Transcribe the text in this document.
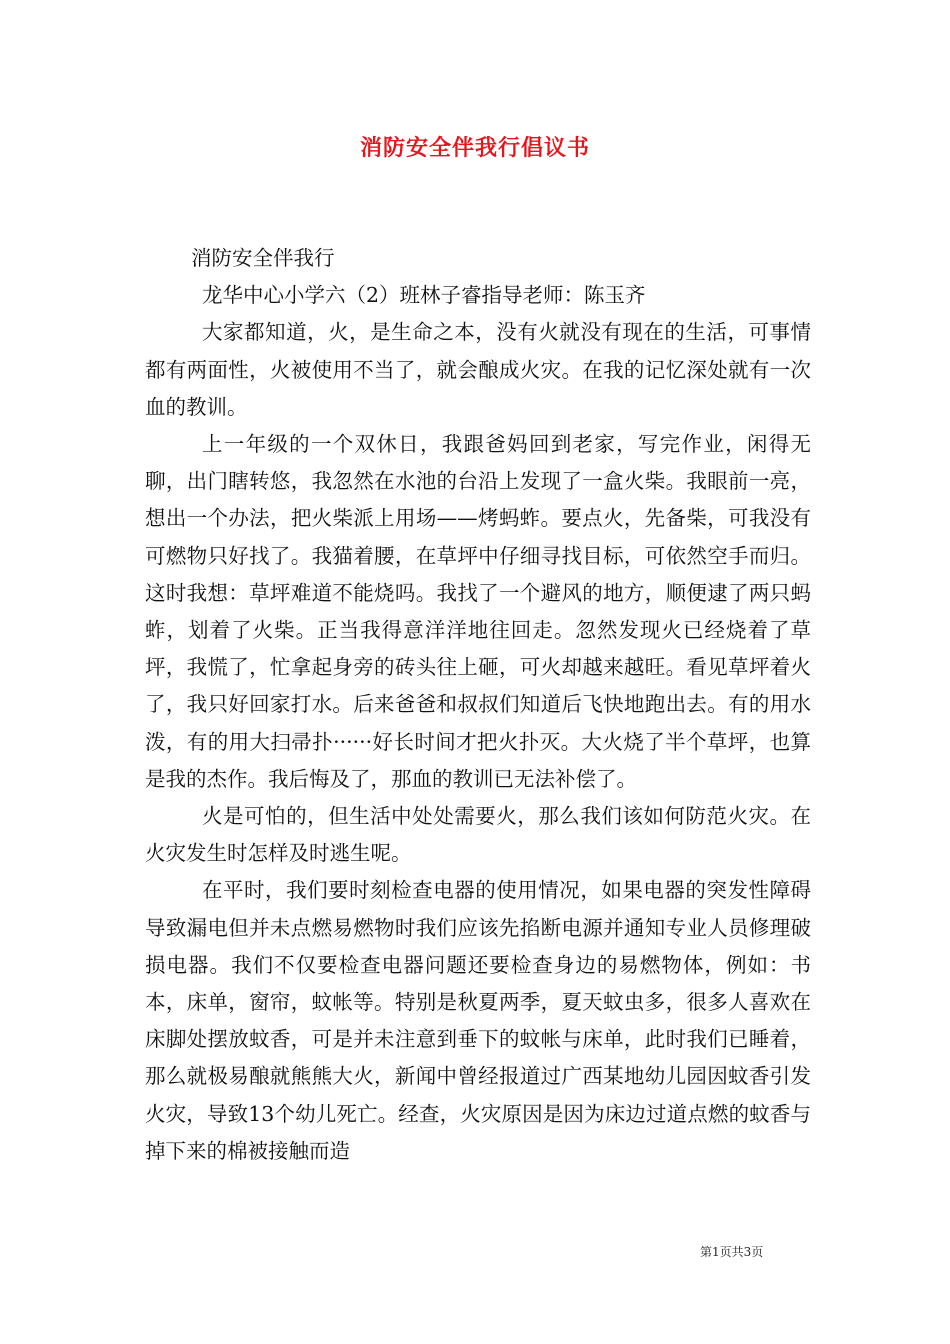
消防安全伴我行倡议书

消防安全伴我行

龙华中心小学六（2）班林子睿指导老师：陈玉齐

大家都知道，火，是生命之本，没有火就没有现在的生活，可事情都有两面性，火被使用不当了，就会酿成火灾。在我的记忆深处就有一次血的教训。

上一年级的一个双休日，我跟爸妈回到老家，写完作业，闲得无聊，出门瞎转悠，我忽然在水池的台沿上发现了一盒火柴。我眼前一亮，想出一个办法，把火柴派上用场——烤蚂蚱。要点火，先备柴，可我没有可燃物只好找了。我猫着腰，在草坪中仔细寻找目标，可依然空手而归。这时我想：草坪难道不能烧吗。我找了一个避风的地方，顺便逮了两只蚂蚱，划着了火柴。正当我得意洋洋地往回走。忽然发现火已经烧着了草坪，我慌了，忙拿起身旁的砖头往上砸，可火却越来越旺。看见草坪着火了，我只好回家打水。后来爸爸和叔叔们知道后飞快地跑出去。有的用水泼，有的用大扫帚扑······好长时间才把火扑灭。大火烧了半个草坪，也算是我的杰作。我后悔及了，那血的教训已无法补偿了。

火是可怕的，但生活中处处需要火，那么我们该如何防范火灾。在火灾发生时怎样及时逃生呢。

在平时，我们要时刻检查电器的使用情况，如果电器的突发性障碍导致漏电但并未点燃易燃物时我们应该先掐断电源并通知专业人员修理破损电器。我们不仅要检查电器问题还要检查身边的易燃物体，例如：书本，床单，窗帘，蚊帐等。特别是秋夏两季，夏天蚊虫多，很多人喜欢在床脚处摆放蚊香，可是并未注意到垂下的蚊帐与床单，此时我们已睡着，那么就极易酿就熊熊大火，新闻中曾经报道过广西某地幼儿园因蚊香引发火灾，导致13个幼儿死亡。经查，火灾原因是因为床边过道点燃的蚊香与掉下来的棉被接触而造

第1页共3页
